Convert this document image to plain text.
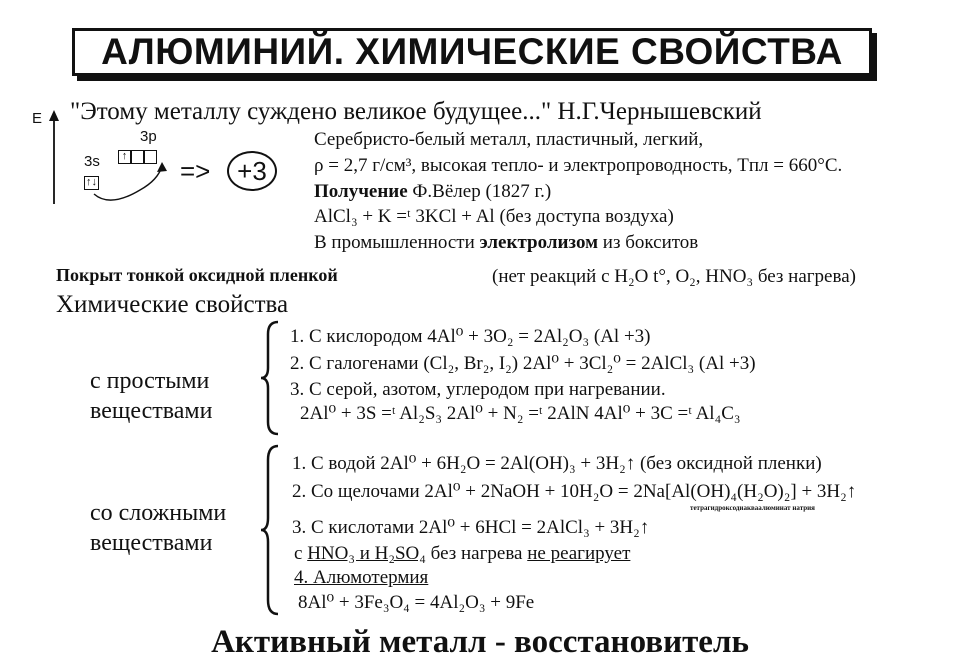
АЛЮМИНИЙ. ХИМИЧЕСКИЕ СВОЙСТВА
"Этому металлу суждено великое будущее..." Н.Г.Чернышевский
E
3s
3p
↑
↑↓	=> +3
Серебристо-белый металл, пластичный, легкий,
ρ = 2,7 г/см³, высокая тепло- и электропроводность, Tпл = 660°С.
Получение Ф.Вёлер (1827 г.)
AlCl₃ + K =ᵗ 3KCl + Al (без доступа воздуха)
В промышленности электролизом из бокситов
Покрыт тонкой оксидной пленкой	(нет реакций с H₂O t°, O₂, HNO₃ без нагрева)
Химические свойства
с простыми
веществами
1. С кислородом 4Al⁰ + 3O₂ = 2Al₂O₃ (Al +3)
2. С галогенами (Cl₂, Br₂, I₂) 2Al⁰ + 3Cl₂⁰ = 2AlCl₃ (Al +3)
3. С серой, азотом, углеродом при нагревании.
2Al⁰ + 3S =ᵗ Al₂S₃ 2Al⁰ + N₂ =ᵗ 2AlN 4Al⁰ + 3C =ᵗ Al₄C₃
со сложными
веществами
1. С водой 2Al⁰ + 6H₂O = 2Al(OH)₃ + 3H₂↑ (без оксидной пленки)
2. Со щелочами 2Al⁰ + 2NaOH + 10H₂O = 2Na[Al(OH)₄(H₂O)₂] + 3H₂↑
тетрагидроксодиаквaалюминат натрия
3. С кислотами 2Al⁰ + 6HCl = 2AlCl₃ + 3H₂↑
с HNO₃ и H₂SO₄ без нагрева не реагирует
4. Алюмотермия
8Al⁰ + 3Fe₃O₄ = 4Al₂O₃ + 9Fe
Активный металл - восстановитель
